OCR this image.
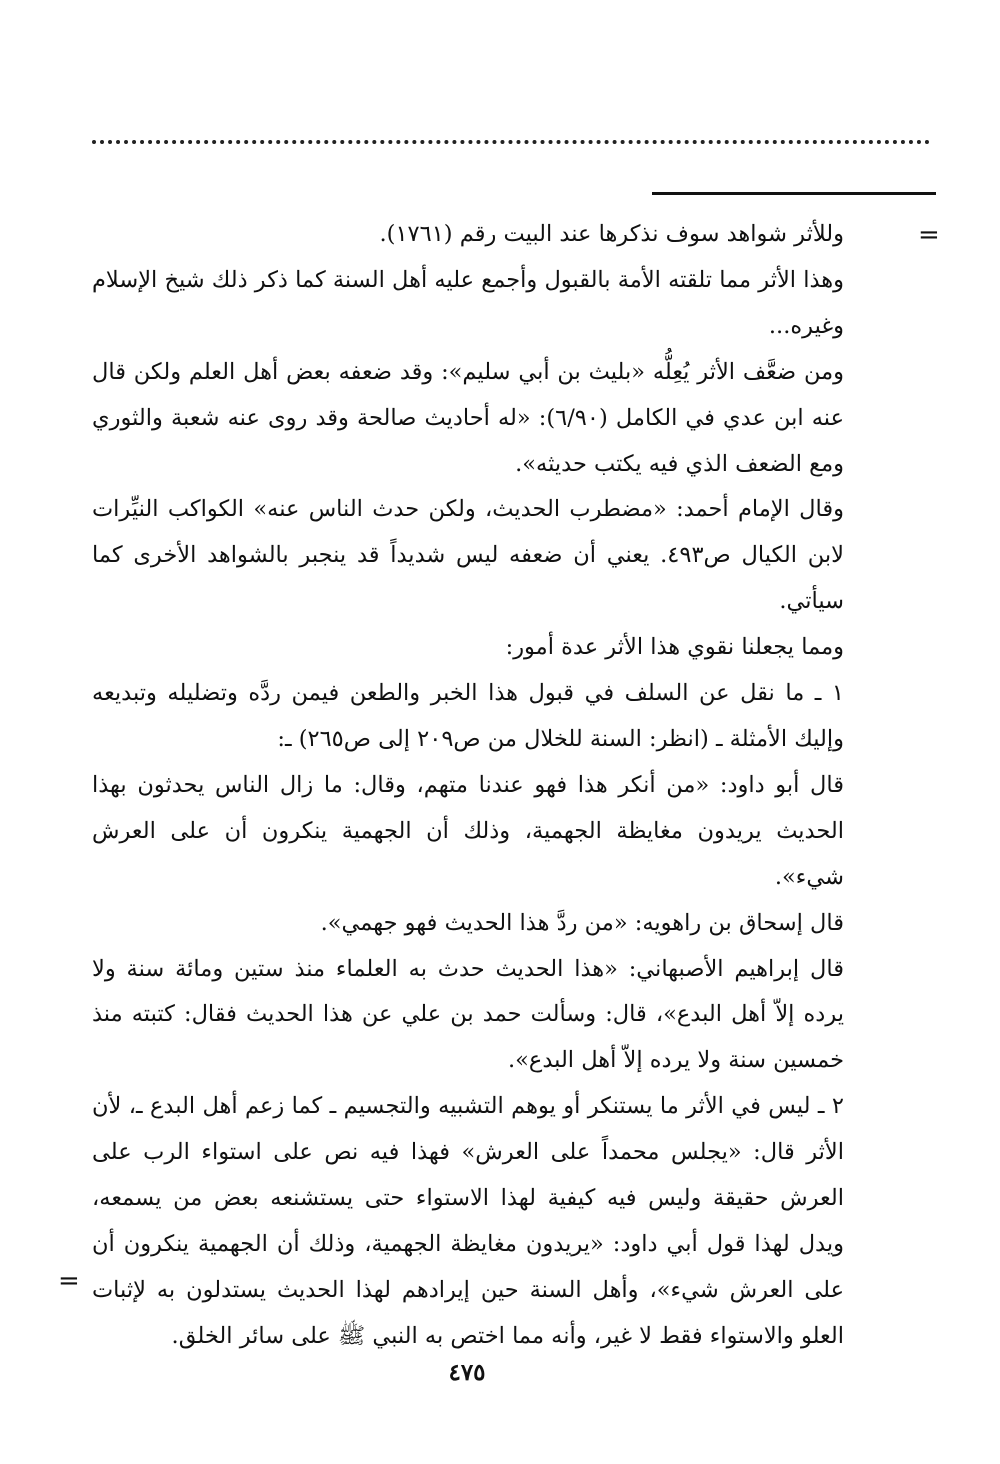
=

وللأثر شواهد سوف نذكرها عند البيت رقم (١٧٦١).

وهذا الأثر مما تلقته الأمة بالقبول وأجمع عليه أهل السنة كما ذكر ذلك شيخ الإسلام وغيره...

ومن ضعَّف الأثر يُعِلُّه «بليث بن أبي سليم»: وقد ضعفه بعض أهل العلم ولكن قال عنه ابن عدي في الكامل (٦/٩٠): «له أحاديث صالحة وقد روى عنه شعبة والثوري ومع الضعف الذي فيه يكتب حديثه».

وقال الإمام أحمد: «مضطرب الحديث، ولكن حدث الناس عنه» الكواكب النيِّرات لابن الكيال ص٤٩٣. يعني أن ضعفه ليس شديداً قد ينجبر بالشواهد الأخرى كما سيأتي.

ومما يجعلنا نقوي هذا الأثر عدة أمور:

١ ـ ما نقل عن السلف في قبول هذا الخبر والطعن فيمن ردَّه وتضليله وتبديعه وإليك الأمثلة ـ (انظر: السنة للخلال من ص٢٠٩ إلى ص٢٦٥) ـ:

قال أبو داود: «من أنكر هذا فهو عندنا متهم، وقال: ما زال الناس يحدثون بهذا الحديث يريدون مغايظة الجهمية، وذلك أن الجهمية ينكرون أن على العرش شيء».

قال إسحاق بن راهويه: «من ردَّ هذا الحديث فهو جهمي».

قال إبراهيم الأصبهاني: «هذا الحديث حدث به العلماء منذ ستين ومائة سنة ولا يرده إلاّ أهل البدع»، قال: وسألت حمد بن علي عن هذا الحديث فقال: كتبته منذ خمسين سنة ولا يرده إلاّ أهل البدع».

٢ ـ ليس في الأثر ما يستنكر أو يوهم التشبيه والتجسيم ـ كما زعم أهل البدع ـ، لأن الأثر قال: «يجلس محمداً على العرش» فهذا فيه نص على استواء الرب على العرش حقيقة وليس فيه كيفية لهذا الاستواء حتى يستشنعه بعض من يسمعه، ويدل لهذا قول أبي داود: «يريدون مغايظة الجهمية، وذلك أن الجهمية ينكرون أن على العرش شيء»، وأهل السنة حين إيرادهم لهذا الحديث يستدلون به لإثبات العلو والاستواء فقط لا غير، وأنه مما اختص به النبي ﷺ على سائر الخلق.

=
٤٧٥
